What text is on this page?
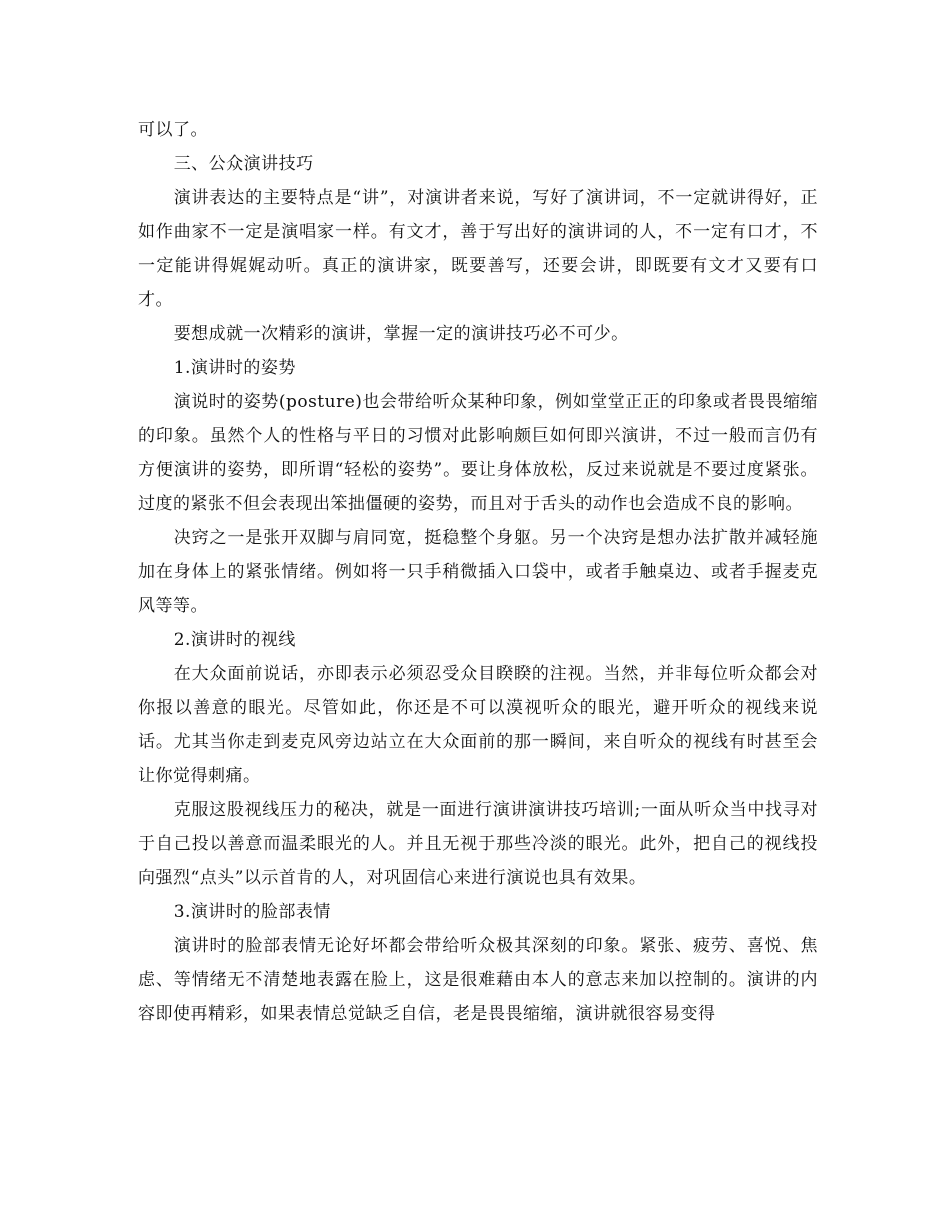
可以了。

三、公众演讲技巧

演讲表达的主要特点是“讲”，对演讲者来说，写好了演讲词，不一定就讲得好，正如作曲家不一定是演唱家一样。有文才，善于写出好的演讲词的人，不一定有口才，不一定能讲得娓娓动听。真正的演讲家，既要善写，还要会讲，即既要有文才又要有口才。

要想成就一次精彩的演讲，掌握一定的演讲技巧必不可少。

1.演讲时的姿势

演说时的姿势(posture)也会带给听众某种印象，例如堂堂正正的印象或者畏畏缩缩的印象。虽然个人的性格与平日的习惯对此影响颇巨如何即兴演讲，不过一般而言仍有方便演讲的姿势，即所谓“轻松的姿势”。要让身体放松，反过来说就是不要过度紧张。过度的紧张不但会表现出笨拙僵硬的姿势，而且对于舌头的动作也会造成不良的影响。

决窍之一是张开双脚与肩同宽，挺稳整个身躯。另一个决窍是想办法扩散并减轻施加在身体上的紧张情绪。例如将一只手稍微插入口袋中，或者手触桌边、或者手握麦克风等等。

2.演讲时的视线

在大众面前说话，亦即表示必须忍受众目睽睽的注视。当然，并非每位听众都会对你报以善意的眼光。尽管如此，你还是不可以漠视听众的眼光，避开听众的视线来说话。尤其当你走到麦克风旁边站立在大众面前的那一瞬间，来自听众的视线有时甚至会让你觉得刺痛。

克服这股视线压力的秘决，就是一面进行演讲演讲技巧培训;一面从听众当中找寻对于自己投以善意而温柔眼光的人。并且无视于那些冷淡的眼光。此外，把自己的视线投向强烈“点头”以示首肯的人，对巩固信心来进行演说也具有效果。

3.演讲时的脸部表情

演讲时的脸部表情无论好坏都会带给听众极其深刻的印象。紧张、疲劳、喜悦、焦虑、等情绪无不清楚地表露在脸上，这是很难藉由本人的意志来加以控制的。演讲的内容即使再精彩，如果表情总觉缺乏自信，老是畏畏缩缩，演讲就很容易变得
